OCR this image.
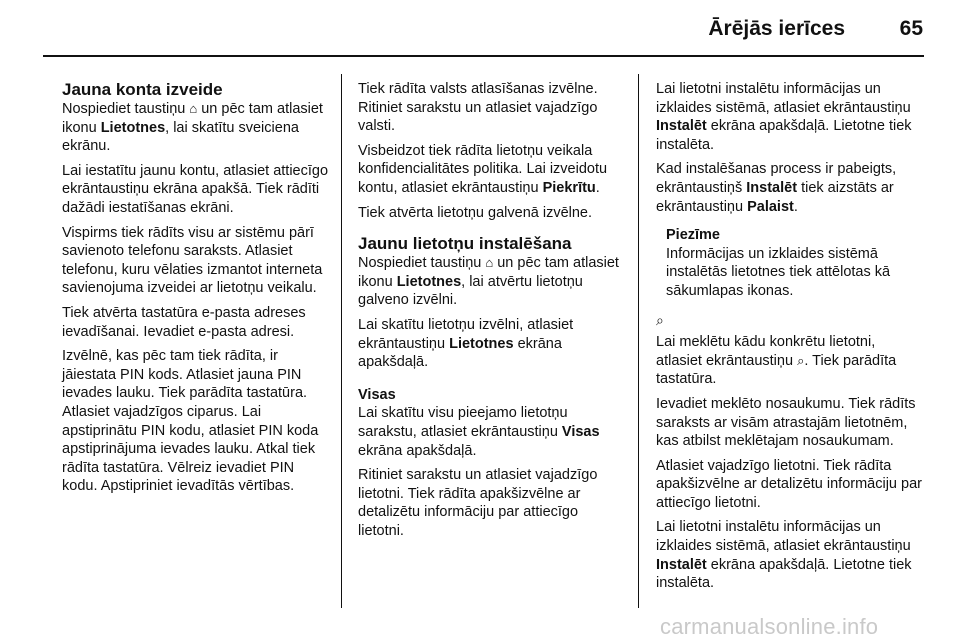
Ārējās ierīces	65
Jauna konta izveide

Nospiediet taustiņu ⌂ un pēc tam atlasiet ikonu Lietotnes, lai skatītu sveiciena ekrānu.

Lai iestatītu jaunu kontu, atlasiet attiecīgo ekrāntaustiņu ekrāna apakšā. Tiek rādīti dažādi iestatīšanas ekrāni.

Vispirms tiek rādīts visu ar sistēmu pārī savienoto telefonu saraksts. Atlasiet telefonu, kuru vēlaties izmantot interneta savienojuma izveidei ar lietotņu veikalu.

Tiek atvērta tastatūra e-pasta adreses ievadīšanai. Ievadiet e-pasta adresi.

Izvēlnē, kas pēc tam tiek rādīta, ir jāiestata PIN kods. Atlasiet jauna PIN ievades lauku. Tiek parādīta tastatūra. Atlasiet vajadzīgos ciparus. Lai apstiprinātu PIN kodu, atlasiet PIN koda apstiprinājuma ievades lauku. Atkal tiek rādīta tastatūra. Vēlreiz ievadiet PIN kodu. Apstipriniet ievadītās vērtības.

Tiek rādīta valsts atlasīšanas izvēlne. Ritiniet sarakstu un atlasiet vajadzīgo valsti.

Visbeidzot tiek rādīta lietotņu veikala konfidencialitātes politika. Lai izveidotu kontu, atlasiet ekrāntaustiņu Piekrītu.

Tiek atvērta lietotņu galvenā izvēlne.

Jaunu lietotņu instalēšana

Nospiediet taustiņu ⌂ un pēc tam atlasiet ikonu Lietotnes, lai atvērtu lietotņu galveno izvēlni.

Lai skatītu lietotņu izvēlni, atlasiet ekrāntaustiņu Lietotnes ekrāna apakšdaļā.

Visas

Lai skatītu visu pieejamo lietotņu sarakstu, atlasiet ekrāntaustiņu Visas ekrāna apakšdaļā.

Ritiniet sarakstu un atlasiet vajadzīgo lietotni. Tiek rādīta apakšizvēlne ar detalizētu informāciju par attiecīgo lietotni.

Lai lietotni instalētu informācijas un izklaides sistēmā, atlasiet ekrāntaustiņu Instalēt ekrāna apakšdaļā. Lietotne tiek instalēta.

Kad instalēšanas process ir pabeigts, ekrāntaustiņš Instalēt tiek aizstāts ar ekrāntaustiņu Palaist.

Piezīme
Informācijas un izklaides sistēmā instalētās lietotnes tiek attēlotas kā sākumlapas ikonas.
⌕

Lai meklētu kādu konkrētu lietotni, atlasiet ekrāntaustiņu ⌕. Tiek parādīta tastatūra.

Ievadiet meklēto nosaukumu. Tiek rādīts saraksts ar visām atrastajām lietotnēm, kas atbilst meklētajam nosaukumam.

Atlasiet vajadzīgo lietotni. Tiek rādīta apakšizvēlne ar detalizētu informāciju par attiecīgo lietotni.

Lai lietotni instalētu informācijas un izklaides sistēmā, atlasiet ekrāntaustiņu Instalēt ekrāna apakšdaļā. Lietotne tiek instalēta.

carmanualsonline.info
